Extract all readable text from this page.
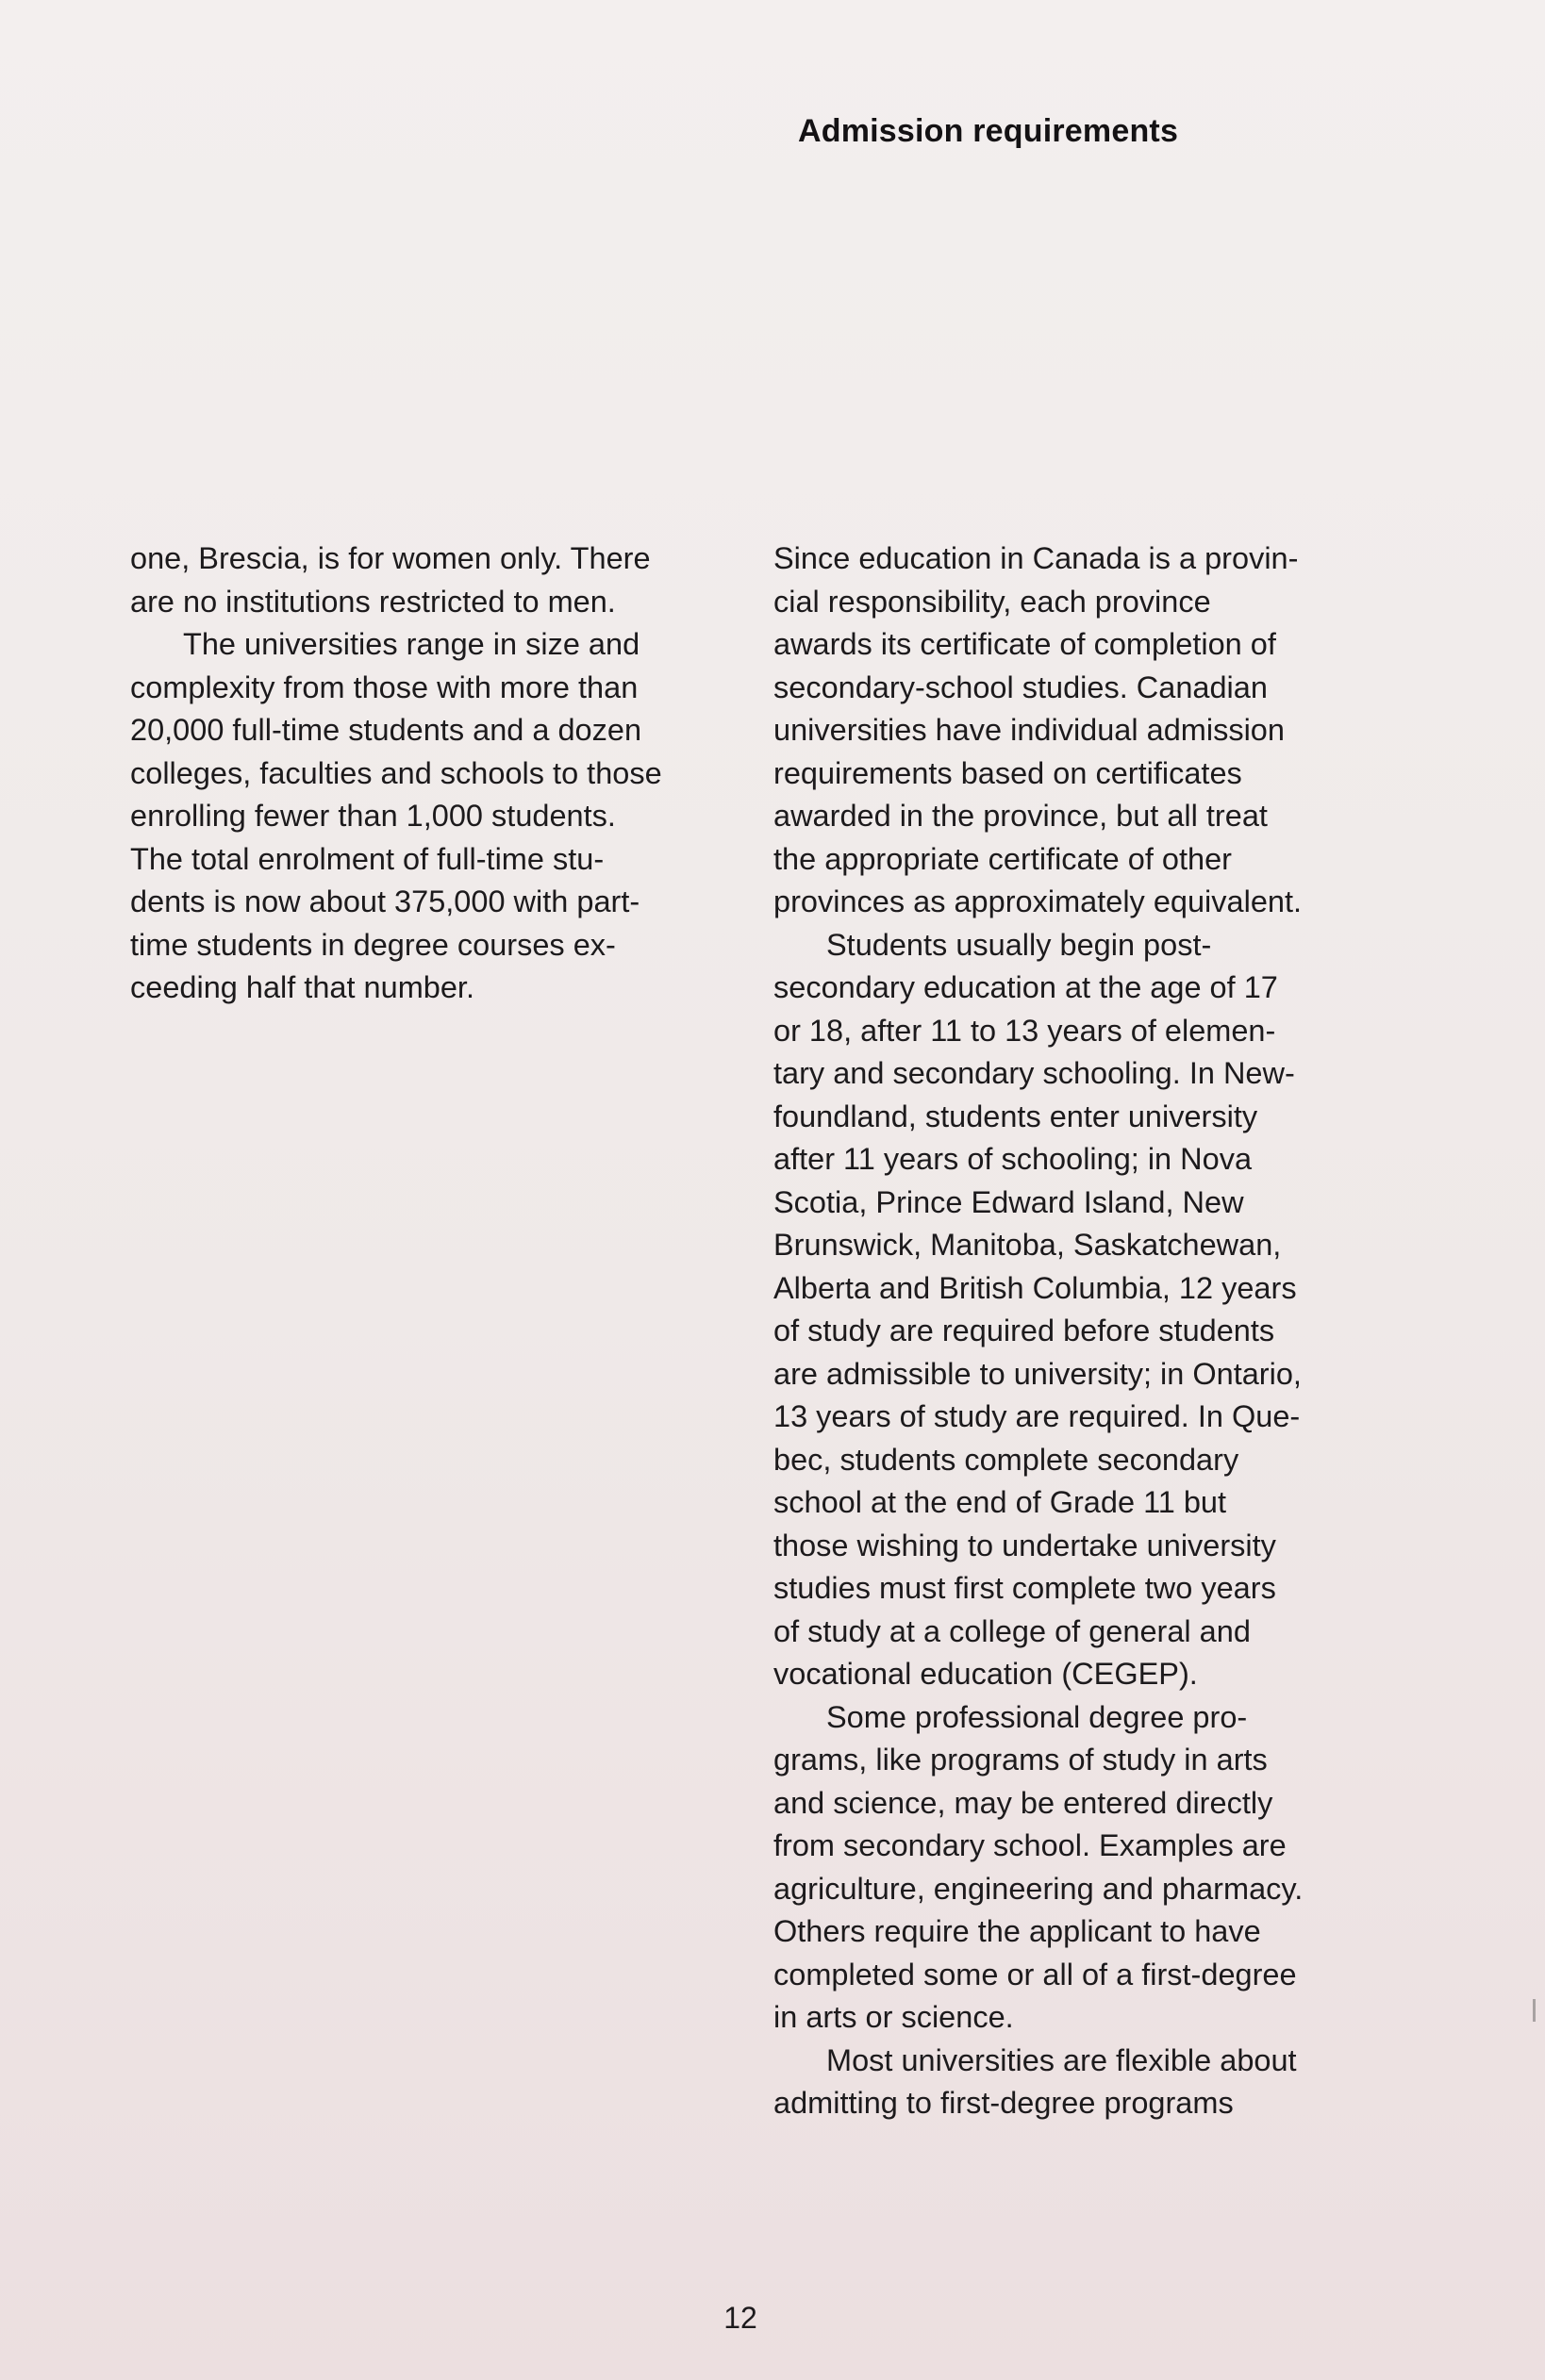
Admission requirements

one, Brescia, is for women only. There
are no institutions restricted to men.

The universities range in size and
complexity from those with more than
20,000 full-time students and a dozen
colleges, faculties and schools to those
enrolling fewer than 1,000 students.
The total enrolment of full-time stu-
dents is now about 375,000 with part-
time students in degree courses ex-
ceeding half that number.

Since education in Canada is a provin-
cial responsibility, each province
awards its certificate of completion of
secondary-school studies. Canadian
universities have individual admission
requirements based on certificates
awarded in the province, but all treat
the appropriate certificate of other
provinces as approximately equivalent.

Students usually begin post-
secondary education at the age of 17
or 18, after 11 to 13 years of elemen-
tary and secondary schooling. In New-
foundland, students enter university
after 11 years of schooling; in Nova
Scotia, Prince Edward Island, New
Brunswick, Manitoba, Saskatchewan,
Alberta and British Columbia, 12 years
of study are required before students
are admissible to university; in Ontario,
13 years of study are required. In Que-
bec, students complete secondary
school at the end of Grade 11 but
those wishing to undertake university
studies must first complete two years
of study at a college of general and
vocational education (CEGEP).

Some professional degree pro-
grams, like programs of study in arts
and science, may be entered directly
from secondary school. Examples are
agriculture, engineering and pharmacy.
Others require the applicant to have
completed some or all of a first-degree
in arts or science.

Most universities are flexible about
admitting to first-degree programs

12
